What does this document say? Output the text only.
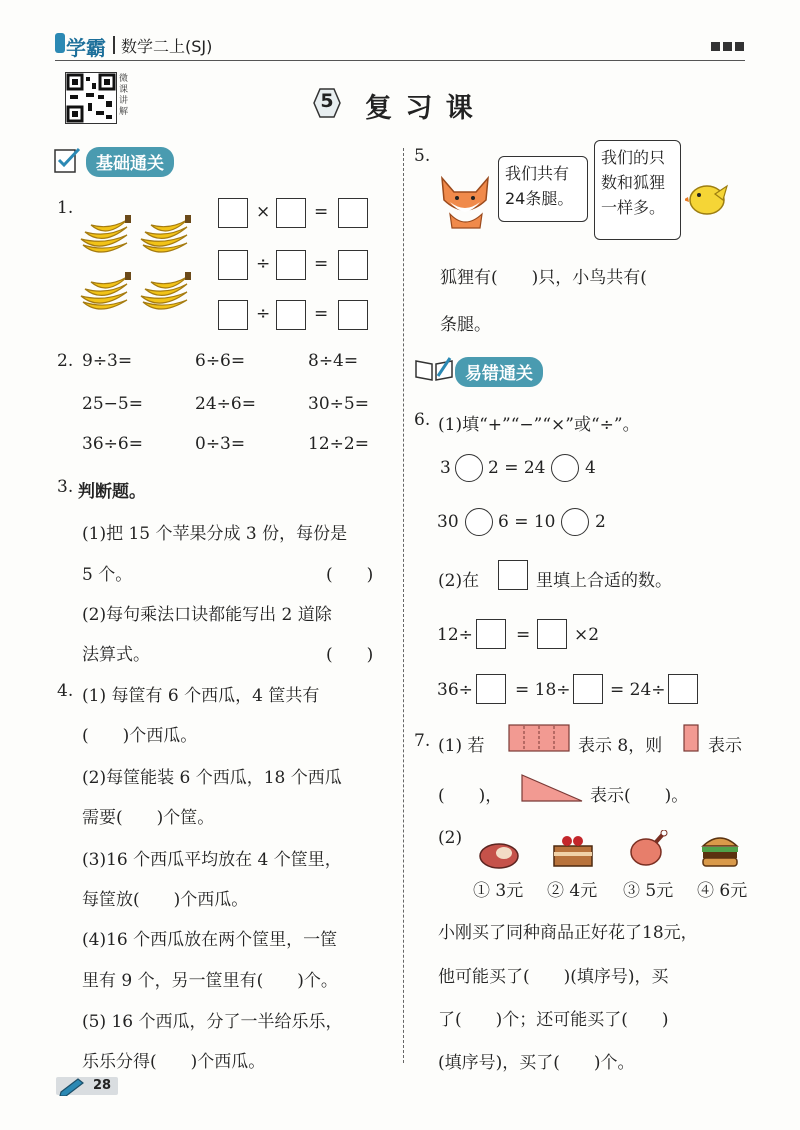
学霸 数学二上(SJ)
微课讲解	5 复 习 课
基础通关
1.	×	=
÷	=
÷	=
2. 9÷3=	6÷6=	8÷4=
25−5=	24÷6=	30÷5=
36÷6=	0÷3=	12÷2=
3. 判断题。
(1)把 15 个苹果分成 3 份，每份是
5 个。	(　　)
(2)每句乘法口诀都能写出 2 道除
法算式。	(　　)
4. (1) 每筐有 6 个西瓜，4 筐共有
(　　)个西瓜。
(2)每筐能装 6 个西瓜，18 个西瓜
需要(　　)个筐。
(3)16 个西瓜平均放在 4 个筐里，
每筐放(　　)个西瓜。
(4)16 个西瓜放在两个筐里，一筐
里有 9 个，另一筐里有(　　)个。
(5) 16 个西瓜，分了一半给乐乐，
乐乐分得(　　)个西瓜。
5.
我们共有
24条腿。
我们的只
数和狐狸
一样多。
狐狸有(　　)只，小鸟共有(
条腿。
易错通关
6. (1)填“+”“−”“×”或“÷”。
3 2 = 24 4
30 6 = 10 2
(2)在	里填上合适的数。
12÷	=	×2
36÷ = 18÷ = 24÷
7. (1) 若	表示 8，则	表示
(　　)，	表示(　　)。
(2)
① 3元 ② 4元 ③ 5元 ④ 6元
小刚买了同种商品正好花了18元，
他可能买了(　　)(填序号)，买
了(　　)个；还可能买了(　　)
(填序号)，买了(　　)个。
28
